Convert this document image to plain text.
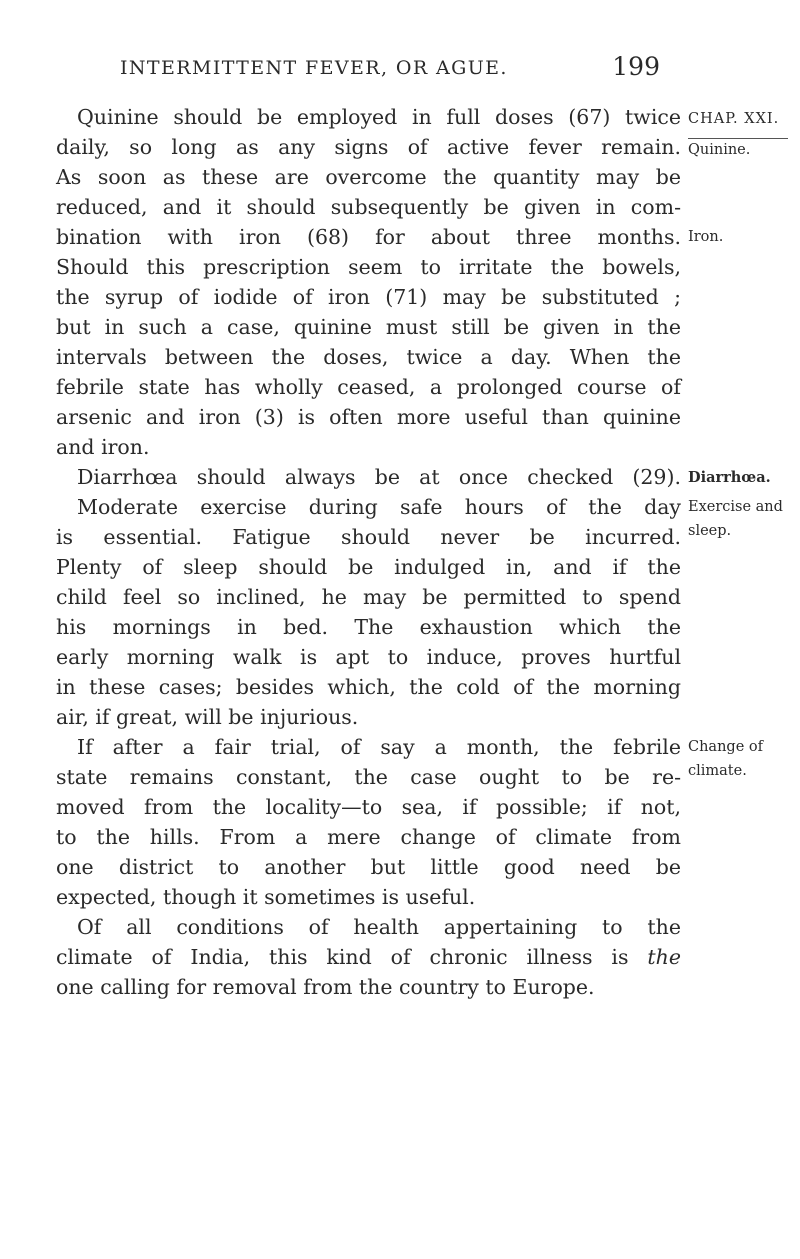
INTERMITTENT FEVER, OR AGUE.	199
Quinine should be employed in full doses (67) twice CHAP. XXI.
daily, so long as any signs of active fever remain. Quinine.
As soon as these are overcome the quantity may be
reduced, and it should subsequently be given in com-
bination with iron (68) for about three months. Iron.
Should this prescription seem to irritate the bowels,
the syrup of iodide of iron (71) may be substituted ;
but in such a case, quinine must still be given in the
intervals between the doses, twice a day. When the
febrile state has wholly ceased, a prolonged course of
arsenic and iron (3) is often more useful than quinine
and iron.
Diarrhœa should always be at once checked (29). Diarrhœa.
Moderate exercise during safe hours of the day Exercise and
is essential. Fatigue should never be incurred. sleep.
Plenty of sleep should be indulged in, and if the
child feel so inclined, he may be permitted to spend
his mornings in bed. The exhaustion which the
early morning walk is apt to induce, proves hurtful
in these cases; besides which, the cold of the morning
air, if great, will be injurious.
If after a fair trial, of say a month, the febrile Change of
state remains constant, the case ought to be re- climate.
moved from the locality—to sea, if possible; if not,
to the hills. From a mere change of climate from
one district to another but little good need be
expected, though it sometimes is useful.
Of all conditions of health appertaining to the
climate of India, this kind of chronic illness is the
one calling for removal from the country to Europe.
